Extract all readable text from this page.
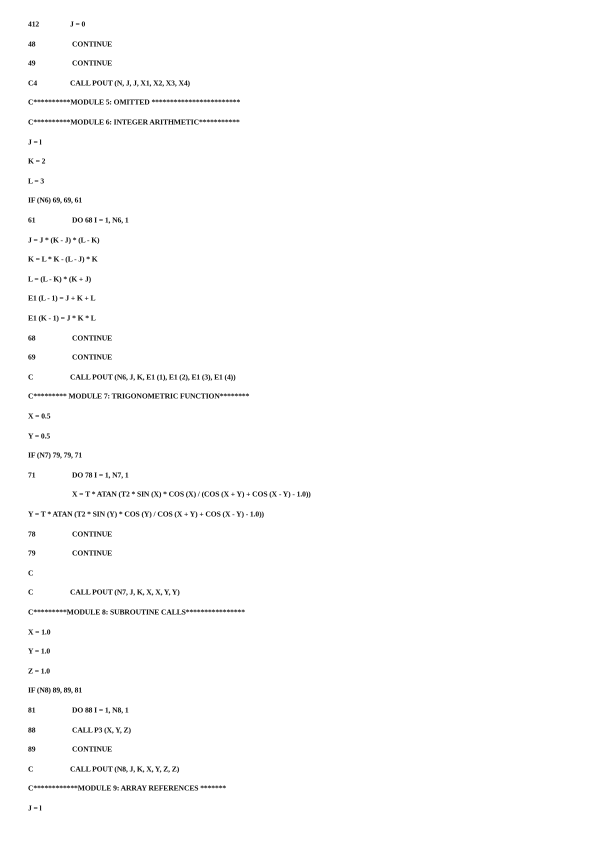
412	J = 0
48	CONTINUE
49	CONTINUE
C4	CALL POUT (N, J, J, X1, X2, X3, X4)
C**********MODULE 5: OMITTED ************************
C**********MODULE 6: INTEGER ARITHMETIC***********
J = l
K = 2
L = 3
IF (N6) 69, 69, 61
61	DO 68 I = 1, N6, 1
J = J * (K - J) * (L - K)
K = L * K - (L - J) * K
L = (L - K) * (K + J)
E1 (L - 1) = J + K + L
E1 (K - 1) = J * K * L
68	CONTINUE
69	CONTINUE
C	CALL POUT (N6, J, K, E1 (1), E1 (2), E1 (3), E1 (4))
C********* MODULE 7: TRIGONOMETRIC FUNCTION********
X = 0.5
Y = 0.5
IF (N7) 79, 79, 71
71	DO 78 I = 1, N7, 1
X = T * ATAN (T2 * SIN (X) * COS (X) / (COS (X + Y) + COS (X - Y) - 1.0))
Y = T * ATAN (T2 * SIN (Y) * COS (Y) / COS (X + Y) + COS (X - Y) - 1.0))
78	CONTINUE
79	CONTINUE
C
C	CALL POUT (N7, J, K, X, X, Y, Y)
C*********MODULE 8: SUBROUTINE CALLS****************
X = 1.0
Y = 1.0
Z = 1.0
IF (N8) 89, 89, 81
81	DO 88 I = 1, N8, 1
88	CALL P3 (X, Y, Z)
89	CONTINUE
C	CALL POUT (N8, J, K, X, Y, Z, Z)
C************MODULE 9: ARRAY REFERENCES *******
J = l
